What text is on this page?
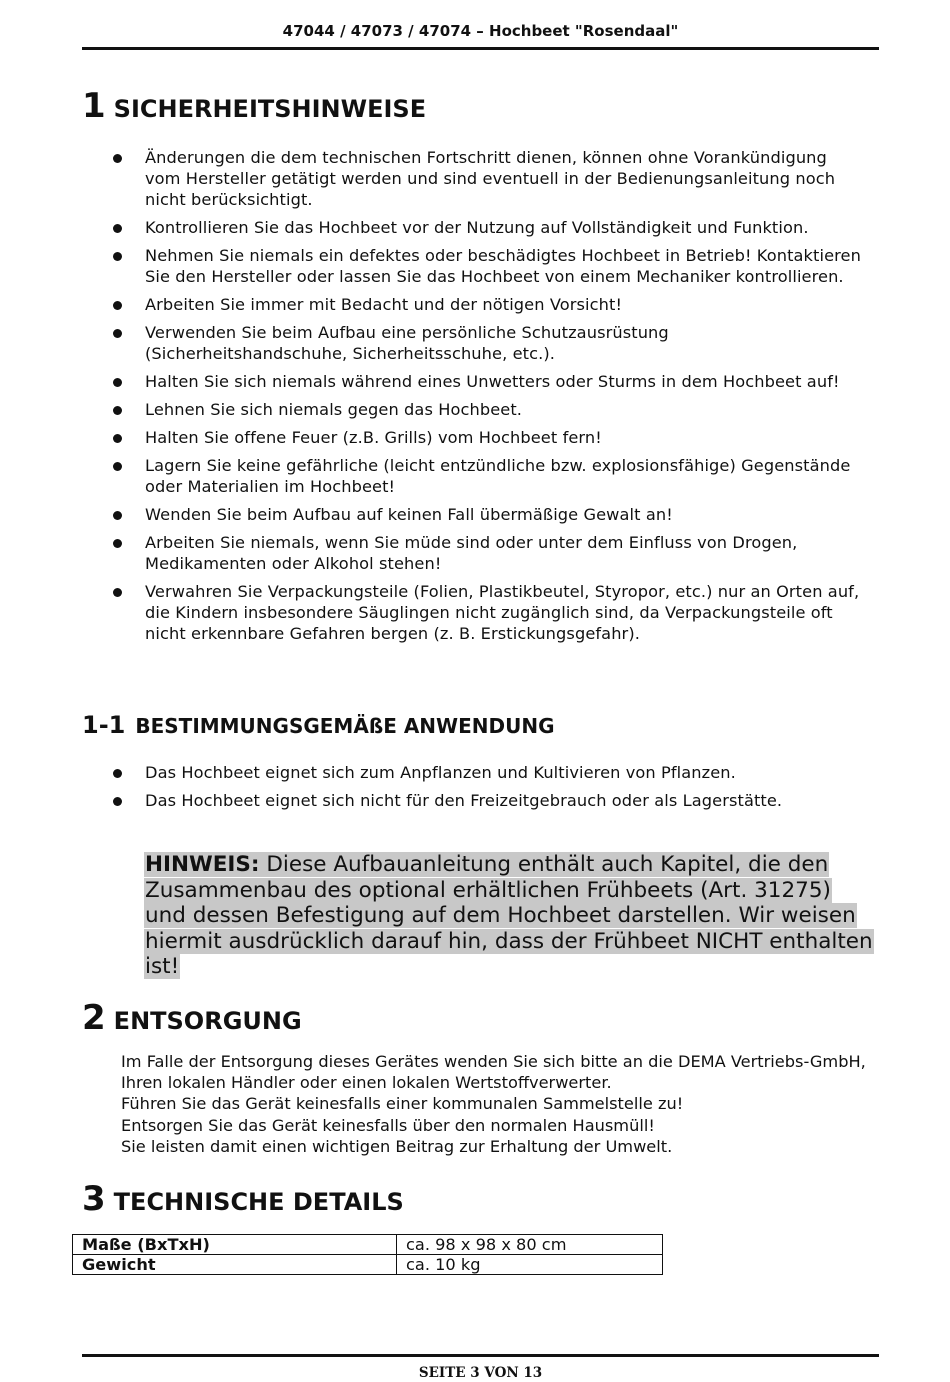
47044 / 47073 / 47074 – Hochbeet "Rosendaal"
1 SICHERHEITSHINWEISE
Änderungen die dem technischen Fortschritt dienen, können ohne Vorankündigung vom Hersteller getätigt werden und sind eventuell in der Bedienungsanleitung noch nicht berücksichtigt.
Kontrollieren Sie das Hochbeet vor der Nutzung auf Vollständigkeit und Funktion.
Nehmen Sie niemals ein defektes oder beschädigtes Hochbeet in Betrieb! Kontaktieren Sie den Hersteller oder lassen Sie das Hochbeet von einem Mechaniker kontrollieren.
Arbeiten Sie immer mit Bedacht und der nötigen Vorsicht!
Verwenden Sie beim Aufbau eine persönliche Schutzausrüstung (Sicherheitshandschuhe, Sicherheitsschuhe, etc.).
Halten Sie sich niemals während eines Unwetters oder Sturms in dem Hochbeet auf!
Lehnen Sie sich niemals gegen das Hochbeet.
Halten Sie offene Feuer (z.B. Grills) vom Hochbeet fern!
Lagern Sie keine gefährliche (leicht entzündliche bzw. explosionsfähige) Gegenstände oder Materialien im Hochbeet!
Wenden Sie beim Aufbau auf keinen Fall übermäßige Gewalt an!
Arbeiten Sie niemals, wenn Sie müde sind oder unter dem Einfluss von Drogen, Medikamenten oder Alkohol stehen!
Verwahren Sie Verpackungsteile (Folien, Plastikbeutel, Styropor, etc.) nur an Orten auf, die Kindern insbesondere Säuglingen nicht zugänglich sind, da Verpackungsteile oft nicht erkennbare Gefahren bergen (z. B. Erstickungsgefahr).
1-1 BESTIMMUNGSGEMÄßE ANWENDUNG
Das Hochbeet eignet sich zum Anpflanzen und Kultivieren von Pflanzen.
Das Hochbeet eignet sich nicht für den Freizeitgebrauch oder als Lagerstätte.
HINWEIS: Diese Aufbauanleitung enthält auch Kapitel, die den Zusammenbau des optional erhältlichen Frühbeets (Art. 31275) und dessen Befestigung auf dem Hochbeet darstellen. Wir weisen hiermit ausdrücklich darauf hin, dass der Frühbeet NICHT enthalten ist!
2 ENTSORGUNG
Im Falle der Entsorgung dieses Gerätes wenden Sie sich bitte an die DEMA Vertriebs-GmbH, Ihren lokalen Händler oder einen lokalen Wertstoffverwerter.
Führen Sie das Gerät keinesfalls einer kommunalen Sammelstelle zu!
Entsorgen Sie das Gerät keinesfalls über den normalen Hausmüll!
Sie leisten damit einen wichtigen Beitrag zur Erhaltung der Umwelt.
3 TECHNISCHE DETAILS
Maße (BxTxH)	ca. 98 x 98 x 80 cm
Gewicht	ca. 10 kg
SEITE 3 VON 13
